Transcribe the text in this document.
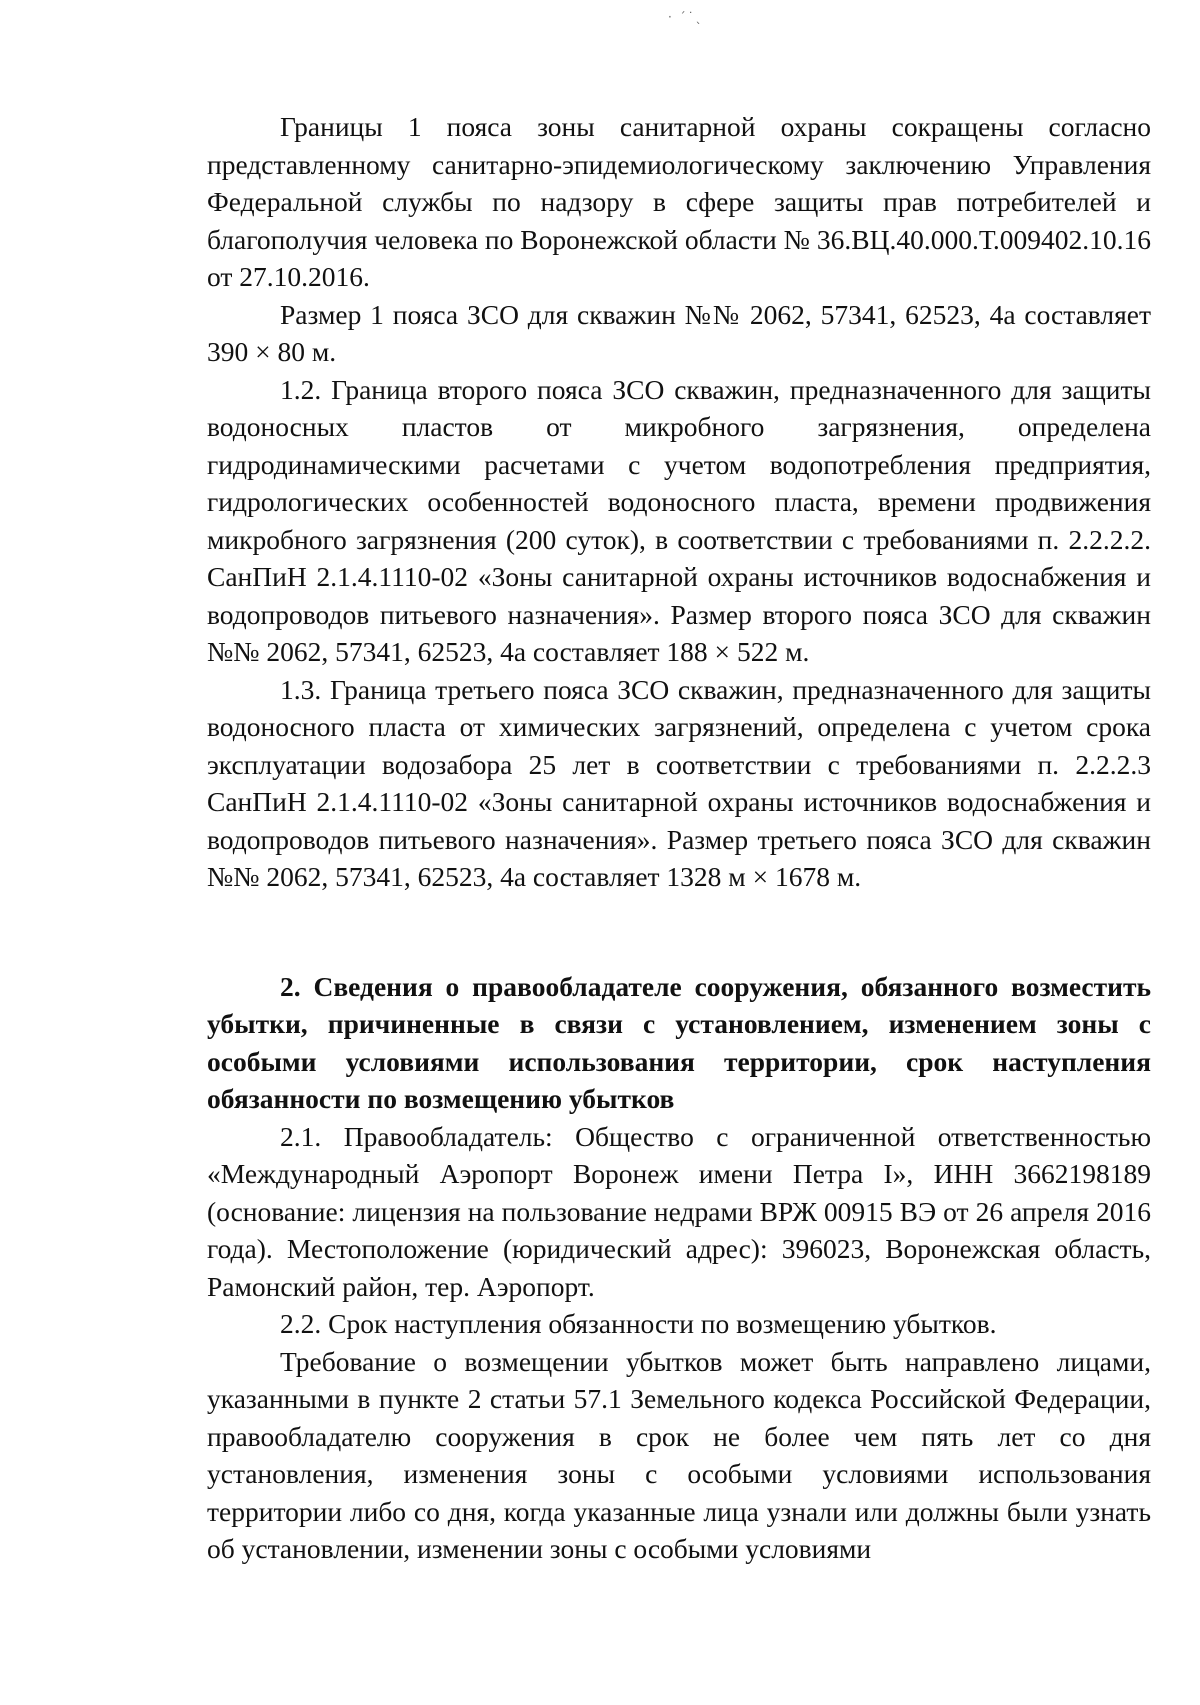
· ´˙ˎ

Границы 1 пояса зоны санитарной охраны сокращены согласно представленному санитарно-эпидемиологическому заключению Управления Федеральной службы по надзору в сфере защиты прав потребителей и благополучия человека по Воронежской области № 36.ВЦ.40.000.Т.009402.10.16 от 27.10.2016.

Размер 1 пояса ЗСО для скважин №№ 2062, 57341, 62523, 4а составляет 390 × 80 м.

1.2. Граница второго пояса ЗСО скважин, предназначенного для защиты водоносных пластов от микробного загрязнения, определена гидродинамическими расчетами с учетом водопотребления предприятия, гидрологических особенностей водоносного пласта, времени продвижения микробного загрязнения (200 суток), в соответствии с требованиями п. 2.2.2.2. СанПиН 2.1.4.1110-02 «Зоны санитарной охраны источников водоснабжения и водопроводов питьевого назначения». Размер второго пояса ЗСО для скважин №№ 2062, 57341, 62523, 4а составляет 188 × 522 м.

1.3. Граница третьего пояса ЗСО скважин, предназначенного для защиты водоносного пласта от химических загрязнений, определена с учетом срока эксплуатации водозабора 25 лет в соответствии с требованиями п. 2.2.2.3 СанПиН 2.1.4.1110-02 «Зоны санитарной охраны источников водоснабжения и водопроводов питьевого назначения». Размер третьего пояса ЗСО для скважин №№ 2062, 57341, 62523, 4а составляет 1328 м × 1678 м.

2. Сведения о правообладателе сооружения, обязанного возместить убытки, причиненные в связи с установлением, изменением зоны с особыми условиями использования территории, срок наступления обязанности по возмещению убытков

2.1. Правообладатель: Общество с ограниченной ответственностью «Международный Аэропорт Воронеж имени Петра I», ИНН 3662198189 (основание: лицензия на пользование недрами ВРЖ 00915 ВЭ от 26 апреля 2016 года). Местоположение (юридический адрес): 396023, Воронежская область, Рамонский район, тер. Аэропорт.

2.2. Срок наступления обязанности по возмещению убытков.

Требование о возмещении убытков может быть направлено лицами, указанными в пункте 2 статьи 57.1 Земельного кодекса Российской Федерации, правообладателю сооружения в срок не более чем пять лет со дня установления, изменения зоны с особыми условиями использования территории либо со дня, когда указанные лица узнали или должны были узнать об установлении, изменении зоны с особыми условиями
